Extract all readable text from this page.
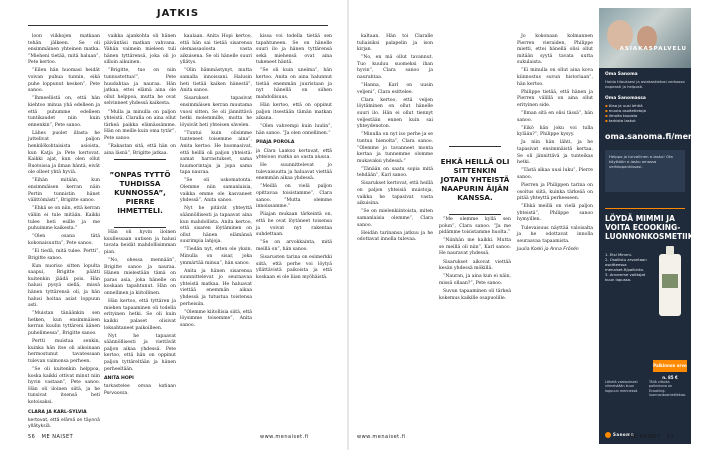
JATKIS

loon viikkojen matkaan tehän jälkeen. Se oli ensimmäinen yhteinen matka. ”Mieheni tietää, mitä haluan”, Pete kertoo.

”Eilen hän huomasi heidät voivan puhua tunnin, eikä puhe loppunut kesken”, Pete sanoo.

”Ihmeellistä on, että hän kiehtoo minua yhä edelleen ja että puhumme edelleen tuntikaudet niin kuin ennenkin”, Pete sanoo.

Lähes puolet illasta he juttelivat paljon henkilökohtaisista asioista, kun Katja ja Pete kertovat. Kaikki ajat, kun olen ollut Ruotsissa ja ilman häntä, eivät ole olleet yhtä hyviä.

”Eihän mitään, kun ensimmäisen kerran näin Pertin tunnistin hänet välittömästi”, Brigitte sanoo.

”Ehkä se on niin, että kerran väliin ei tule mitään. Kaikki tulee heti esille ja me puhuimme kaikesta.”

”Olen osana tätä kokonaisuutta”, Pete sanoo.

”Ei tiedä, mitä tulee. Pertti”, Brigitte sanoo.

Kun nuoriso sitten lopulta saapui, Brigitte päätti kuitenkin jäädä pois. Hän halusi pysyä siellä, missä hänen tyttärensä oli, ja hän halusi hoitaa asiat loppuun asti.

”Muistan tänäänkin sen hetken, kun ensimmäisen kerran kuulin tyttäreni äänen puhelimessa”, Brigitte sanoo.

Pertti muistaa senkin, kuinka hän itse oli aikoinaan hermostunut tavatessaan tulevan vaimonsa perheen.

”Se oli kuitenkin helppoa, koska kaikki ottivat minut niin hyvin vastaan”, Pete sanoo. Hän oli iloinen siitä, ja he tunsivat itsensä heti kotoisaksi.

CLARA JA KARL-SYLVIA

kertovat, että elämä on täynnä yllätyksiä.

vaikka ajankohta oli hänen päiväntäsi matkan vahvana. Vähän vaimein mieleen tuli hänen tyttärensä, joka oli jo silloin aikuinen.

”Brigitte, tuo on niin tunnustettua!”, Pete huudahtaa ja nauraa. Hän jatkaa, ettei elämä aina ole ollut helppoa, mutta he ovat selvinneet yhdessä kaikesta.

”Mulla ja minulla on paljon yhteistä. Claralla on aina ollut tärkeä paikka elämässämme. Hän on meille kuin oma tytär”, Pete sanoo.

”Rakastan sitä, että hän on aina läsnä”, Brigitte jatkaa.

”ONPAS TYTTÖ TUHDISSA KUNNOSSA”, PIERRE IHMETTELI.

Hän oli hyvin iloinen kuullessaan uutisen ja halusi tavata heidät mahdollisimman pian.

”No, ohessa mennään”, Brigitte sanoo ja nauraa. Hänen mielestään tämä on paras asia, joka hänelle on koskaan tapahtunut. Hän on onnellinen ja kiitollinen.

Hän kertoo, että tyttären ja miehen tapaaminen oli todella erityinen hetki. Se oli kuin kaikki palaset olisivat loksahtaneet paikoilleen.

Nyt he tapaavat säännöllisesti ja viettävät paljon aikaa yhdessä. Pete kertoo, että hän on oppinut paljon tyttäreltään ja hänen perheeltään.

ANITA HOPI

tarkastelee omaa kotiaan Porvoossa.

kaulaan. Anita Hopi kertoo, että hän sai tietää sisarensa olemassaolosta vasta aikuisena. Se oli hänelle suuri yllätys.

”Olin hämmästynyt, mutta samalla innoissani. Halusin heti tietää kaiken hänestä”, Anita sanoo.

Sisarukset tapasivat ensimmäisen kerran muutama vuosi sitten. Se oli jännittävä hetki molemmille, mutta he löysivät heti yhteisen sävelen.

”Tuntui kuin olisimme tunteneet toisemme aina”, Anita kertoo. He huomasivat, että heillä oli paljon yhteistä: samat harrastukset, sama huumorintaju ja jopa sama tapa nauraa.

”Se oli uskomatonta. Olemme niin samanlaisia, vaikka emme ole kasvaneet yhdessä”, Anita sanoo.

Nyt he pitävät yhteyttä säännöllisesti ja tapaavat aina kun mahdollista. Anita kertoo, että sisaren löytäminen on ollut hänen elämänsä suurimpia lahjoja.

”Tiedän nyt, etten ole yksin. Minulla on sisar, joka ymmärtää minua”, hän sanoo.

Anita ja hänen sisarensa suunnittelevat jo seuraavaa yhteistä matkaa. He haluavat viettää enemmän aikaa yhdessä ja tutustua toistensa perheisiin.

”Olemme kiitollisia siitä, että löysimme toisemme”, Anita sanoo.

kissa voi todella tietää sen tapahtuneen. Se on hänelle suuri ilo ja hänen tyttärensä sekä miehensä ovat aina tukeneet häntä.

”Se oli kuin unelma”, hän kertoo. Anita on aina halunnut tietää enemmän juuristaan ja nyt hänellä on siihen mahdollisuus.

Hän kertoo, että on oppinut paljon itsestään tämän matkan aikana.

”Olen vahvempi kuin luulin”, hän sanoo. ”Ja olen onnellinen.”

PIIAJA POROLA

ja Clara Laakso kertovat, että yhteinen matka on vasta alussa.

He suunnittelevat jo tulevaisuutta ja haluavat viettää enemmän aikaa yhdessä.

”Meillä on vielä paljon opittavaa toisistamme”, Clara sanoo. ”Mutta olemme innoissamme.”

Piiajan mukaan tärkeintä on, että he ovat löytäneet toisensa ja voivat nyt rakentaa suhdettaan.

”Se on arvokkainta, mitä meillä on”, hän sanoo.

Sisarusten tarina on esimerkki siitä, että perhe voi löytyä yllättävistä paikoista ja että koskaan ei ole liian myöhäistä.

56 ME NAISET	www.menaiset.fi

kaltaan. Hän toi Claralle tuliaisiksi palapelin ja ison kirjan.

”No, en mä ollut tavannut. Tuo kuuluu suomeksi ihan hyvin”, Clara sanoo ja naurahtaa.

”Hanna, Karl on uusin veljeni”, Clara esittelee.

Clara kertoo, että veljen löytäminen on ollut hänelle suuri ilo. Hän ei ollut tiennyt veljestään ennen kuin sai yhteydenoton.

”Minulla on nyt iso perhe ja se tuntuu hienolta”, Clara sanoo. ”Olemme jo tavanneet monta kertaa ja tunnemme olomme mukavaksi yhdessä.”

”Tänään on saatu sopia mitä tehdään”, Karl sanoo.

Sisarukset kertovat, että heillä on paljon yhteisiä muistoja, vaikka he tapasivat vasta aikuisina.

”Se on mielenkiintoista, miten samanlaisia olemme”, Clara sanoo.

Heidän tarinansa jatkuu ja he odottavat innolla tulevaa.

EHKÄ HEILLÄ OLI SITTENKIN JOTAIN YHTEISTÄ NAAPURIN ÄIJÄN KANSSA.

”Me olemme kyllä sen polun”, Clara sanoo. ”Ja me pidämme toisistamme huolta.”

”Niinhän me kaikki. Mutta se meillä oli niin”, Karl sanoo. He nauravat yhdessä.

Sisarukset aikovat viettää kesän yhdessä mökillä.

”Nauran, ja aina kun ei näin, missä ollaan?”, Pete sanoo.

Suvun tapaaminen oli tärkeä kokemus kaikille osapuolille.

Jo kokonaan kolmannen Pierren vieraiden, Philippe mietti, ettei hänellä olisi ollut mitään syytä tavata uutta sukulaista.

”Ei minulla on ollut aina kova kiinnostus suvun historiaan”, hän kertoo.

Philippe tietää, että hänen ja Pierren välillä on aina ollut erityinen side.

”Ilman sitä en olisi tässä”, hän sanoo.

”Eikö hän joku voi tulla kylään?”, Philippe kysyy.

Ja niin hän lähti, ja he tapasivat ensimmäistä kertaa. Se oli jännittävä ja tunteikas hetki.

”Tästä alkaa uusi luku”, Pierre sanoo.

Pierren ja Philippen tarina on osoitus siitä, kuinka tärkeää on pitää yhteyttä perheeseen.

”Ehkä meillä on vielä paljon yhteistä”, Philippe sanoo hymyillen.

Tulevaisuus näyttää valoisalta ja he odottavat innolla seuraavaa tapaamista.

Juulia Koski ja Anna Frösén

ASIAKASPALVELU
Oma Sanoma
Hoida tilauksesi ja asiakastietosi verkossa nopeasti ja helposti.
Oma Sanomassa
▪ tilaa ja uusi lehtiä
▪ muuta osoitetietoja
▪ ilmoita tauosta
▪ tarkista laskut
oma.sanoma.fi/menaiset
Helppo ja turvallinen e-lasku! Ota käyttöön e-lasku omassa verkkopankissasi.
LÖYDÄ MIMMI JA VOITA ECOOKING-LUONNONKOSMETIIKKAA!
1. Etsi Mimmi.
2. Osallistu arvontaan osoitteessa menaiset.fi/palkinto.
3. Arvomme voittajat kuun lopussa.
Palkinnon arvo n. 85 €
Lähetä vastauksesi viimeistään kuun loppuun mennessä.
Tällä viikolla palkintona on Ecooking-luonnonkosmetiikkaa.
Sanoma
www.menaiset.fi	ME NAISET 57
